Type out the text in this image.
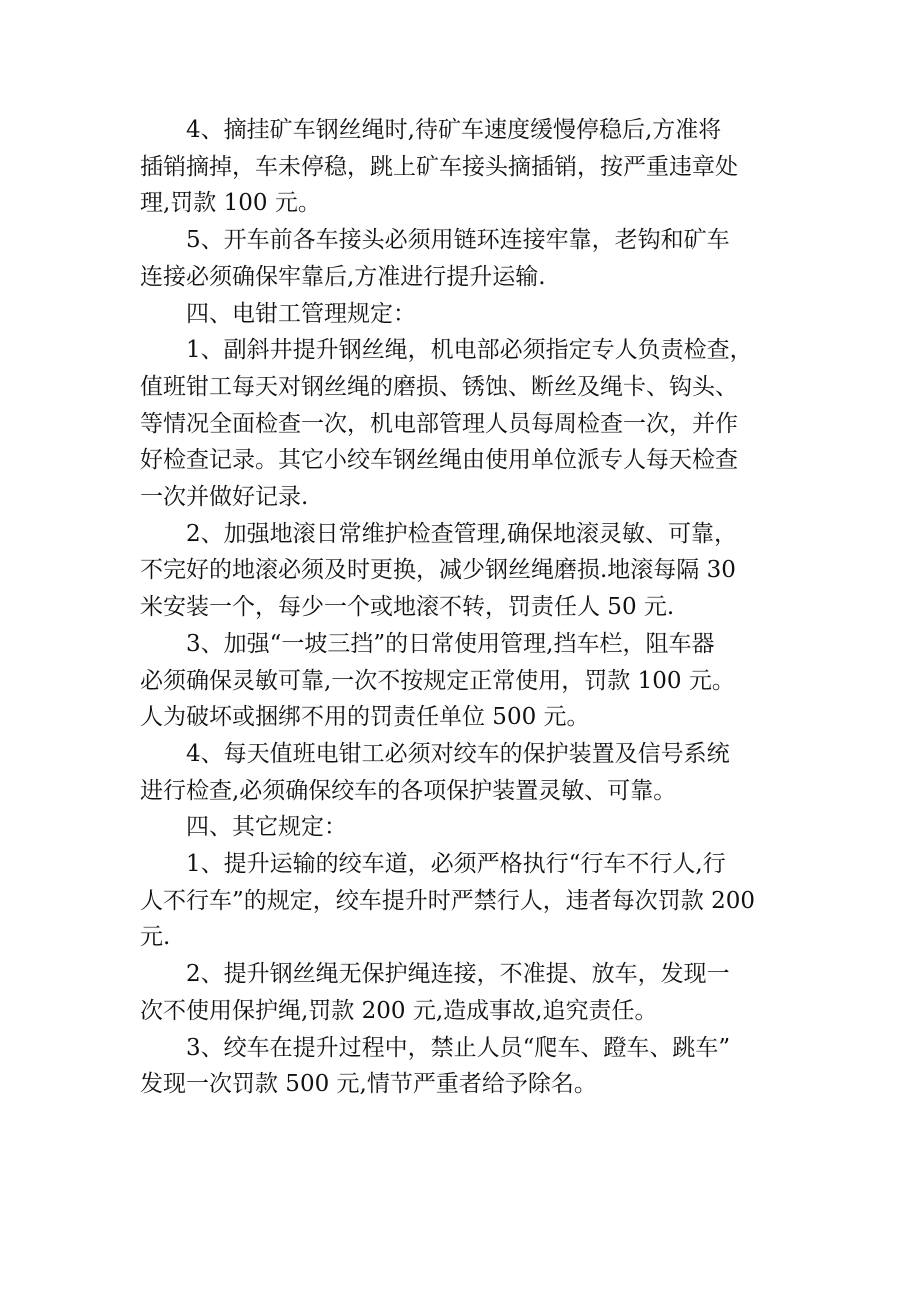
4、摘挂矿车钢丝绳时,待矿车速度缓慢停稳后,方准将
插销摘掉，车未停稳，跳上矿车接头摘插销，按严重违章处
理,罚款 100 元。

5、开车前各车接头必须用链环连接牢靠，老钩和矿车
连接必须确保牢靠后,方准进行提升运输.

四、电钳工管理规定：

1、副斜井提升钢丝绳，机电部必须指定专人负责检查，
值班钳工每天对钢丝绳的磨损、锈蚀、断丝及绳卡、钩头、
等情况全面检查一次，机电部管理人员每周检查一次，并作
好检查记录。其它小绞车钢丝绳由使用单位派专人每天检查
一次并做好记录.

2、加强地滚日常维护检查管理,确保地滚灵敏、可靠，
不完好的地滚必须及时更换，减少钢丝绳磨损.地滚每隔 30
米安装一个，每少一个或地滚不转，罚责任人 50 元.

3、加强“一坡三挡”的日常使用管理,挡车栏，阻车器
必须确保灵敏可靠,一次不按规定正常使用，罚款 100 元。
人为破坏或捆绑不用的罚责任单位 500 元。

4、每天值班电钳工必须对绞车的保护装置及信号系统
进行检查,必须确保绞车的各项保护装置灵敏、可靠。

四、其它规定：

1、提升运输的绞车道，必须严格执行“行车不行人,行
人不行车”的规定，绞车提升时严禁行人，违者每次罚款 200
元.

2、提升钢丝绳无保护绳连接，不准提、放车，发现一
次不使用保护绳,罚款 200 元,造成事故,追究责任。

3、绞车在提升过程中，禁止人员“爬车、蹬车、跳车”
发现一次罚款 500 元,情节严重者给予除名。
